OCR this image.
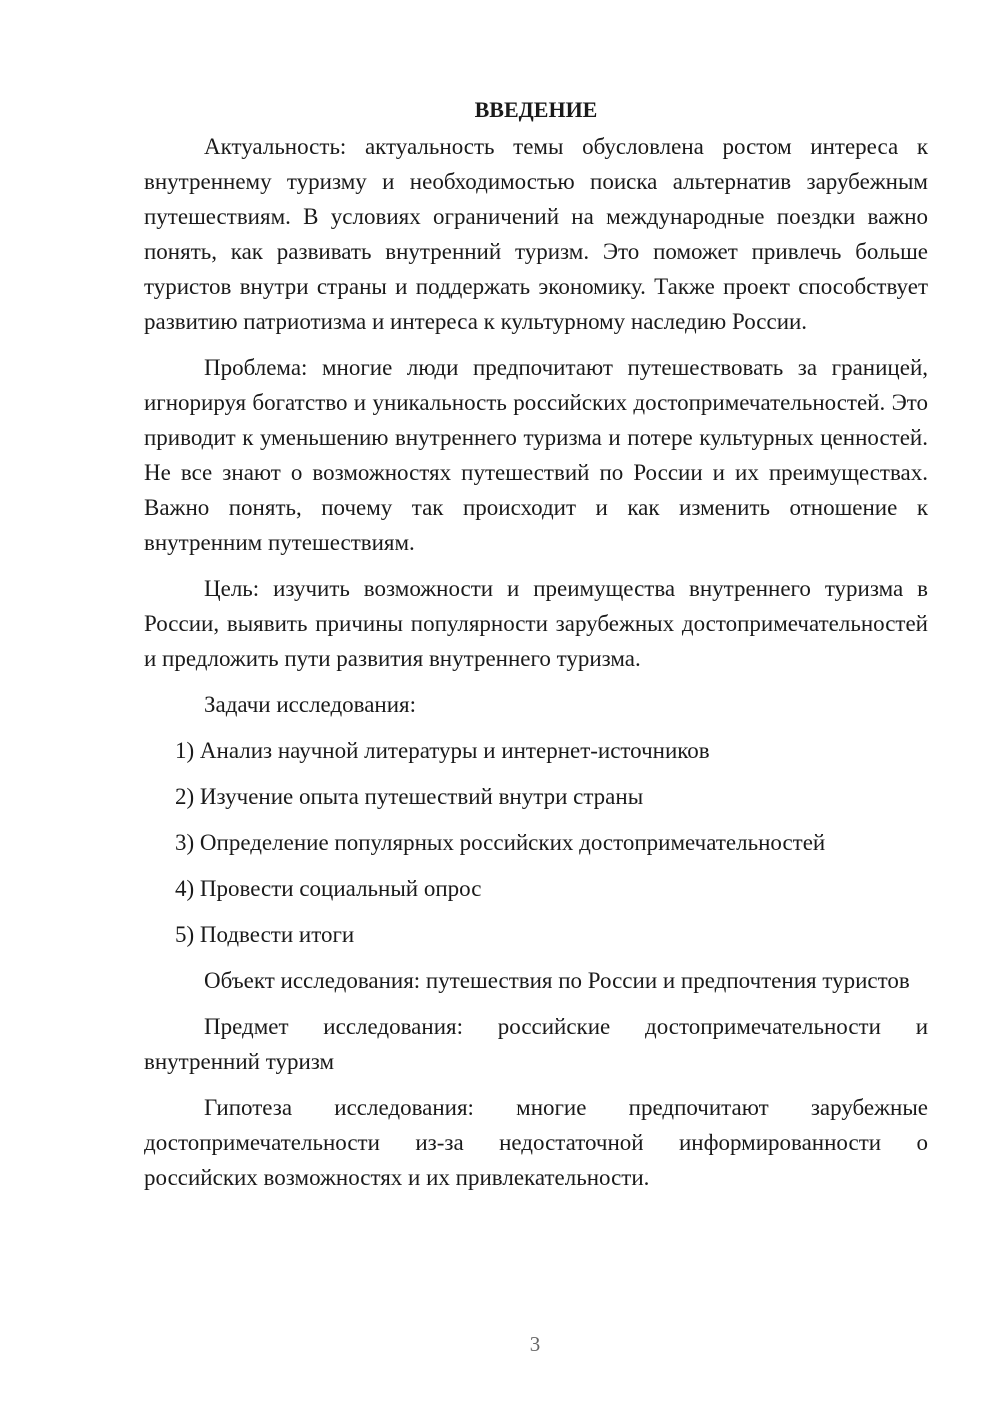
ВВЕДЕНИЕ

Актуальность: актуальность темы обусловлена ростом интереса к внутреннему туризму и необходимостью поиска альтернатив зарубежным путешествиям. В условиях ограничений на международные поездки важно понять, как развивать внутренний туризм. Это поможет привлечь больше туристов внутри страны и поддержать экономику. Также проект способствует развитию патриотизма и интереса к культурному наследию России.

Проблема: многие люди предпочитают путешествовать за границей, игнорируя богатство и уникальность российских достопримечательностей. Это приводит к уменьшению внутреннего туризма и потере культурных ценностей. Не все знают о возможностях путешествий по России и их преимуществах. Важно понять, почему так происходит и как изменить отношение к внутренним путешествиям.

Цель: изучить возможности и преимущества внутреннего туризма в России, выявить причины популярности зарубежных достопримечательностей и предложить пути развития внутреннего туризма.

Задачи исследования:

1) Анализ научной литературы и интернет-источников

2) Изучение опыта путешествий внутри страны

3) Определение популярных российских достопримечательностей

4) Провести социальный опрос

5) Подвести итоги

Объект исследования: путешествия по России и предпочтения туристов

Предмет исследования: российские достопримечательности и внутренний туризм

Гипотеза исследования: многие предпочитают зарубежные достопримечательности из-за недостаточной информированности о российских возможностях и их привлекательности.

3
